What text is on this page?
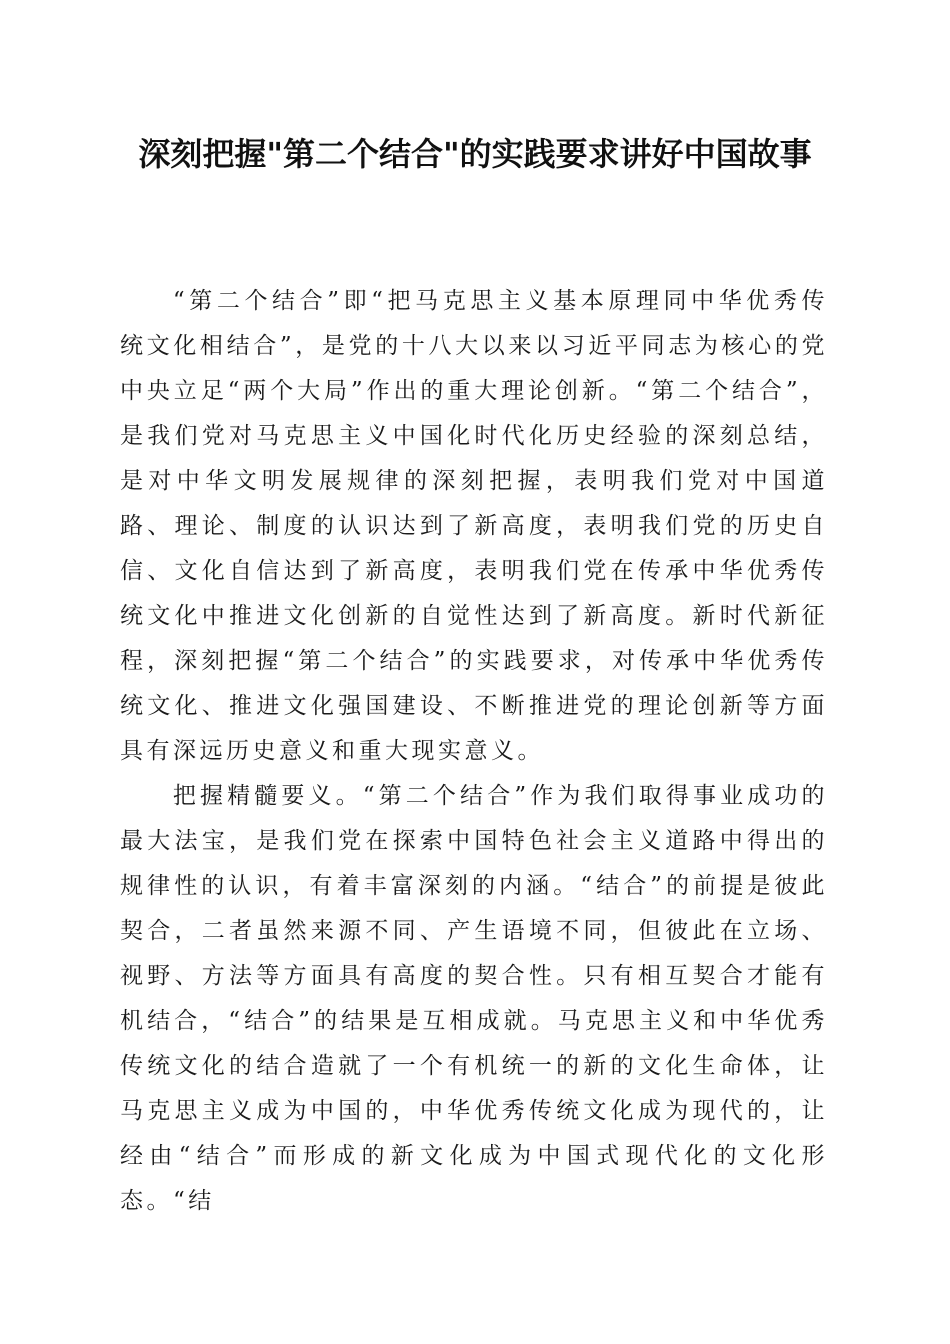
深刻把握"第二个结合"的实践要求讲好中国故事

“第二个结合”即“把马克思主义基本原理同中华优秀传统文化相结合”，是党的十八大以来以习近平同志为核心的党中央立足“两个大局”作出的重大理论创新。“第二个结合”，是我们党对马克思主义中国化时代化历史经验的深刻总结，是对中华文明发展规律的深刻把握，表明我们党对中国道路、理论、制度的认识达到了新高度，表明我们党的历史自信、文化自信达到了新高度，表明我们党在传承中华优秀传统文化中推进文化创新的自觉性达到了新高度。新时代新征程，深刻把握“第二个结合”的实践要求，对传承中华优秀传统文化、推进文化强国建设、不断推进党的理论创新等方面具有深远历史意义和重大现实意义。

把握精髓要义。“第二个结合”作为我们取得事业成功的最大法宝，是我们党在探索中国特色社会主义道路中得出的规律性的认识，有着丰富深刻的内涵。“结合”的前提是彼此契合，二者虽然来源不同、产生语境不同，但彼此在立场、视野、方法等方面具有高度的契合性。只有相互契合才能有机结合，“结合”的结果是互相成就。马克思主义和中华优秀传统文化的结合造就了一个有机统一的新的文化生命体，让马克思主义成为中国的，中华优秀传统文化成为现代的，让经由“结合”而形成的新文化成为中国式现代化的文化形态。“结
